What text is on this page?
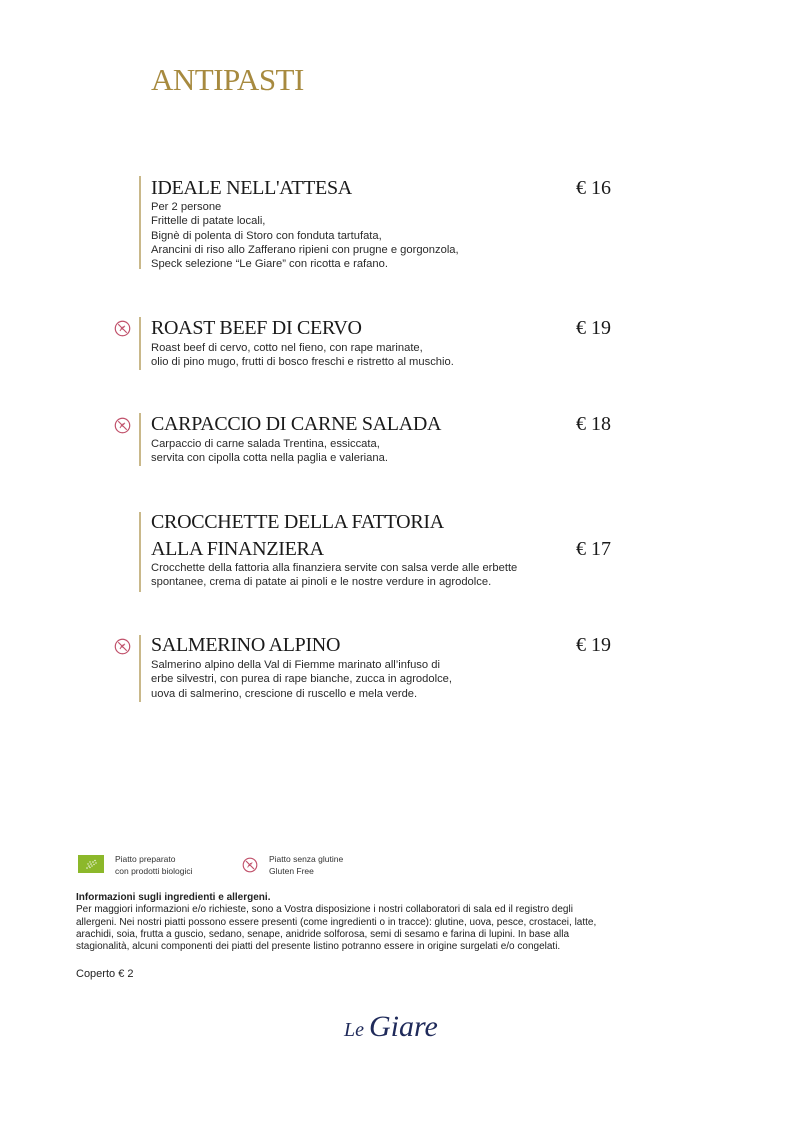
ANTIPASTI
IDEALE NELL'ATTESA	€ 16
Per 2 persone
Frittelle di patate locali,
Bignè di polenta di Storo con fonduta tartufata,
Arancini di riso allo Zafferano ripieni con prugne e gorgonzola,
Speck selezione “Le Giare” con ricotta e rafano.
ROAST BEEF DI CERVO	€ 19
Roast beef di cervo, cotto nel fieno, con rape marinate,
olio di pino mugo, frutti di bosco freschi e ristretto al muschio.
CARPACCIO DI CARNE SALADA	€ 18
Carpaccio di carne salada Trentina, essiccata,
servita con cipolla cotta nella paglia e valeriana.
CROCCHETTE DELLA FATTORIA
ALLA FINANZIERA	€ 17
Crocchette della fattoria alla finanziera servite con salsa verde alle erbette
spontanee, crema di patate ai pinoli e le nostre verdure in agrodolce.
SALMERINO ALPINO	€ 19
Salmerino alpino della Val di Fiemme marinato all’infuso di
erbe silvestri, con purea di rape bianche, zucca in agrodolce,
uova di salmerino, crescione di ruscello e mela verde.
Piatto preparato
con prodotti biologici
Piatto senza glutine
Gluten Free
Informazioni sugli ingredienti e allergeni.
Per maggiori informazioni e/o richieste, sono a Vostra disposizione i nostri collaboratori di sala ed il registro degli
allergeni. Nei nostri piatti possono essere presenti (come ingredienti o in tracce): glutine, uova, pesce, crostacei, latte,
arachidi, soia, frutta a guscio, sedano, senape, anidride solforosa, semi di sesamo e farina di lupini. In base alla
stagionalità, alcuni componenti dei piatti del presente listino potranno essere in origine surgelati e/o congelati.
Coperto € 2
Le Giare
